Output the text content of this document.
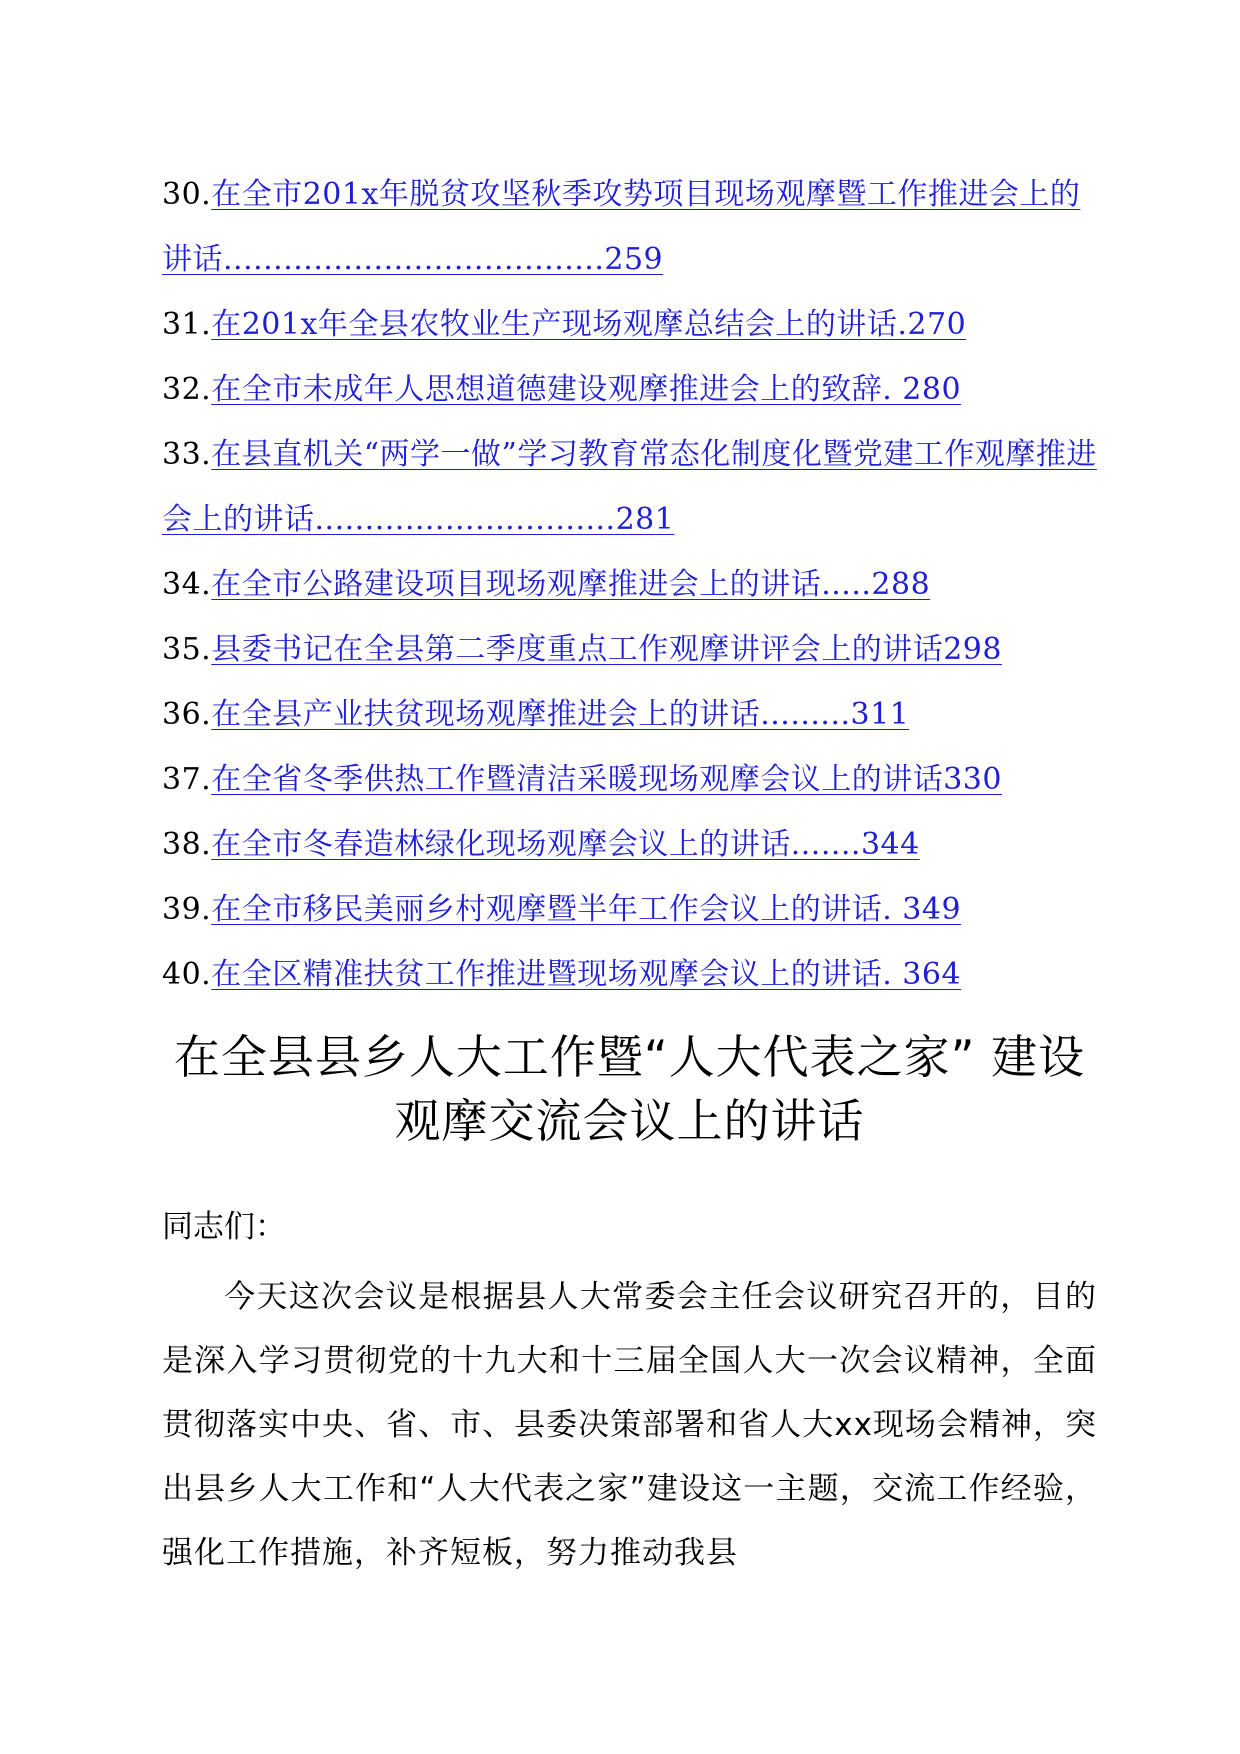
30.在全市201x年脱贫攻坚秋季攻势项目现场观摩暨工作推进会上的讲话......................................259
31.在201x年全县农牧业生产现场观摩总结会上的讲话.270
32.在全市未成年人思想道德建设观摩推进会上的致辞. 280
33.在县直机关“两学一做”学习教育常态化制度化暨党建工作观摩推进会上的讲话..............................281
34.在全市公路建设项目现场观摩推进会上的讲话.....288
35.县委书记在全县第二季度重点工作观摩讲评会上的讲话298
36.在全县产业扶贫现场观摩推进会上的讲话.........311
37.在全省冬季供热工作暨清洁采暖现场观摩会议上的讲话330
38.在全市冬春造林绿化现场观摩会议上的讲话.......344
39.在全市移民美丽乡村观摩暨半年工作会议上的讲话. 349
40.在全区精准扶贫工作推进暨现场观摩会议上的讲话. 364
在全县县乡人大工作暨“人大代表之家” 建设
观摩交流会议上的讲话

同志们：

今天这次会议是根据县人大常委会主任会议研究召开的，目的是深入学习贯彻党的十九大和十三届全国人大一次会议精神，全面贯彻落实中央、省、市、县委决策部署和省人大xx现场会精神，突出县乡人大工作和“人大代表之家”建设这一主题，交流工作经验，强化工作措施，补齐短板，努力推动我县
